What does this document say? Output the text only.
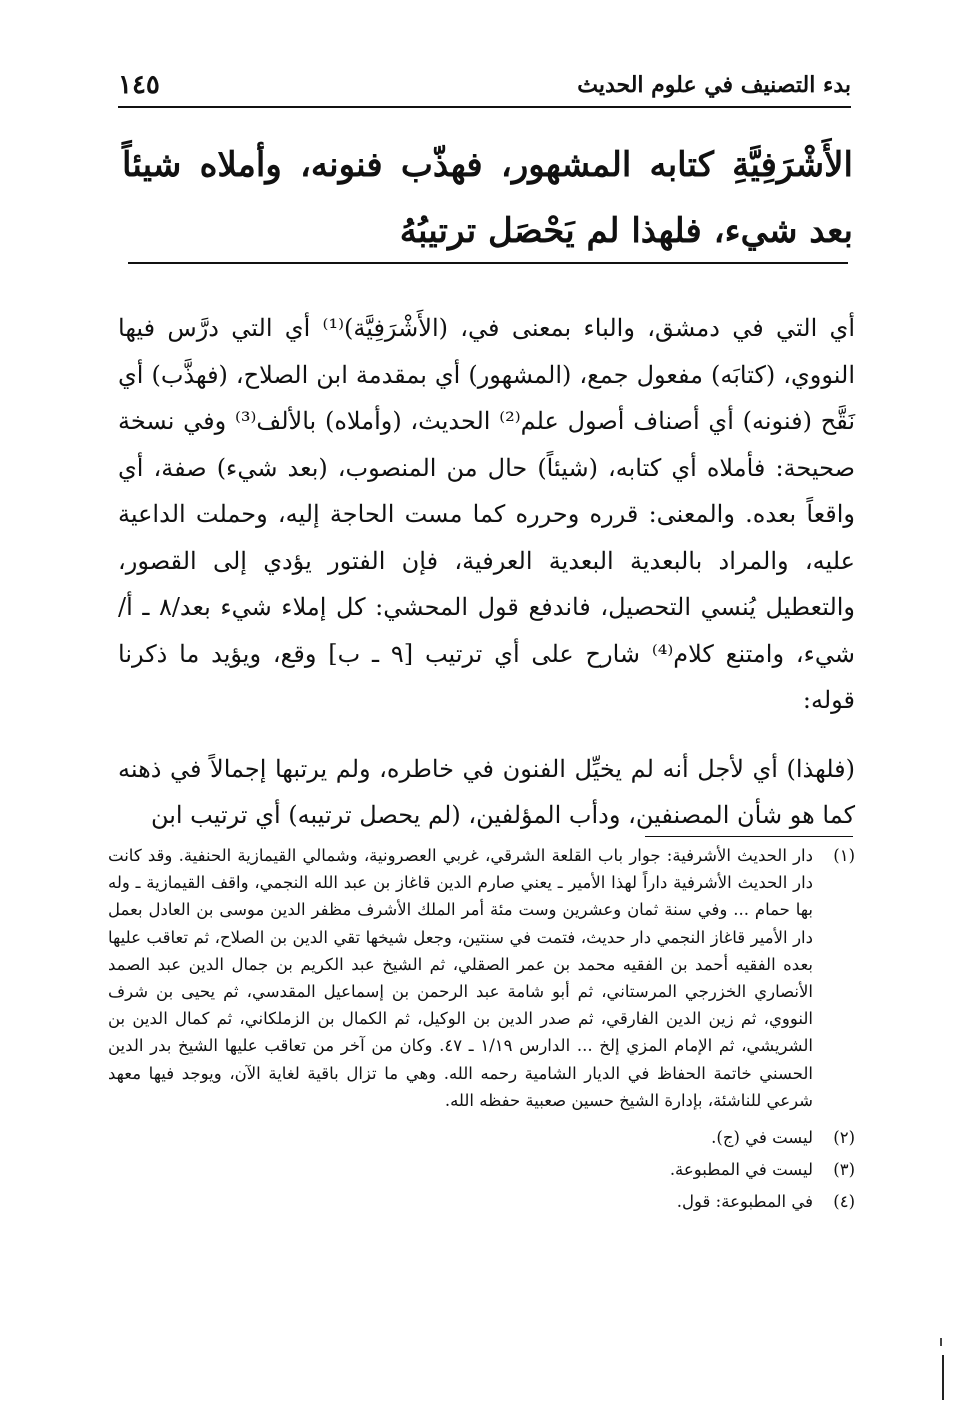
بدء التصنيف في علوم الحديث
١٤٥
الأَشْرَفِيَّةِ كتابه المشهور، فهذّب فنونه، وأملاه شيئاً بعد شيء، فلهذا لم يَحْصَل ترتيبُهُ

أي التي في دمشق، والباء بمعنى في، (الأَشْرَفِيَّة)⁽¹⁾ أي التي درَّس فيها النووي، (كتابَه) مفعول جمع، (المشهور) أي بمقدمة ابن الصلاح، (فهذَّب) أي نَقَّح (فنونه) أي أصناف أصول علم⁽²⁾ الحديث، (وأملاه) بالألف⁽³⁾ وفي نسخة صحيحة: فأملاه أي كتابه، (شيئاً) حال من المنصوب، (بعد شيء) صفة، أي واقعاً بعده. والمعنى: قرره وحرره كما مست الحاجة إليه، وحملت الداعية عليه، والمراد بالبعدية البعدية العرفية، فإن الفتور يؤدي إلى القصور، والتعطيل يُنسي التحصيل، فاندفع قول المحشي: كل إملاء شيء بعد/٨ ـ أ/شيء، وامتنع كلام⁽⁴⁾ شارح على أي ترتيب [٩ ـ ب] وقع، ويؤيد ما ذكرنا قوله:

(فلهذا) أي لأجل أنه لم يخيِّل الفنون في خاطره، ولم يرتبها إجمالاً في ذهنه كما هو شأن المصنفين، ودأب المؤلفين، (لم يحصل ترتيبه) أي ترتيب ابن

(١)
دار الحديث الأشرفية: جوار باب القلعة الشرقي، غربي العصرونية، وشمالي القيمازية الحنفية. وقد كانت دار الحديث الأشرفية داراً لهذا الأمير ـ يعني صارم الدين قاغاز بن عبد الله النجمي، واقف القيمازية ـ وله بها حمام ... وفي سنة ثمان وعشرين وست مئة أمر الملك الأشرف مظفر الدين موسى بن العادل بعمل دار الأمير قاغاز النجمي دار حديث، فتمت في سنتين، وجعل شيخها تقي الدين بن الصلاح، ثم تعاقب عليها بعده الفقيه أحمد بن الفقيه محمد بن عمر الصقلي، ثم الشيخ عبد الكريم بن جمال الدين عبد الصمد الأنصاري الخزرجي المرستاني، ثم أبو شامة عبد الرحمن بن إسماعيل المقدسي، ثم يحيى بن شرف النووي، ثم زين الدين الفارقي، ثم صدر الدين بن الوكيل، ثم الكمال بن الزملكاني، ثم كمال الدين بن الشريشي، ثم الإمام المزي إلخ ... الدارس ١/١٩ ـ ٤٧. وكان من آخر من تعاقب عليها الشيخ بدر الدين الحسني خاتمة الحفاظ في الديار الشامية رحمه الله. وهي ما تزال باقية لغاية الآن، ويوجد فيها معهد شرعي للناشئة، بإدارة الشيخ حسين صعبية حفظه الله.
(٢)
ليست في (ج).
(٣)
ليست في المطبوعة.
(٤)
في المطبوعة: قول.
